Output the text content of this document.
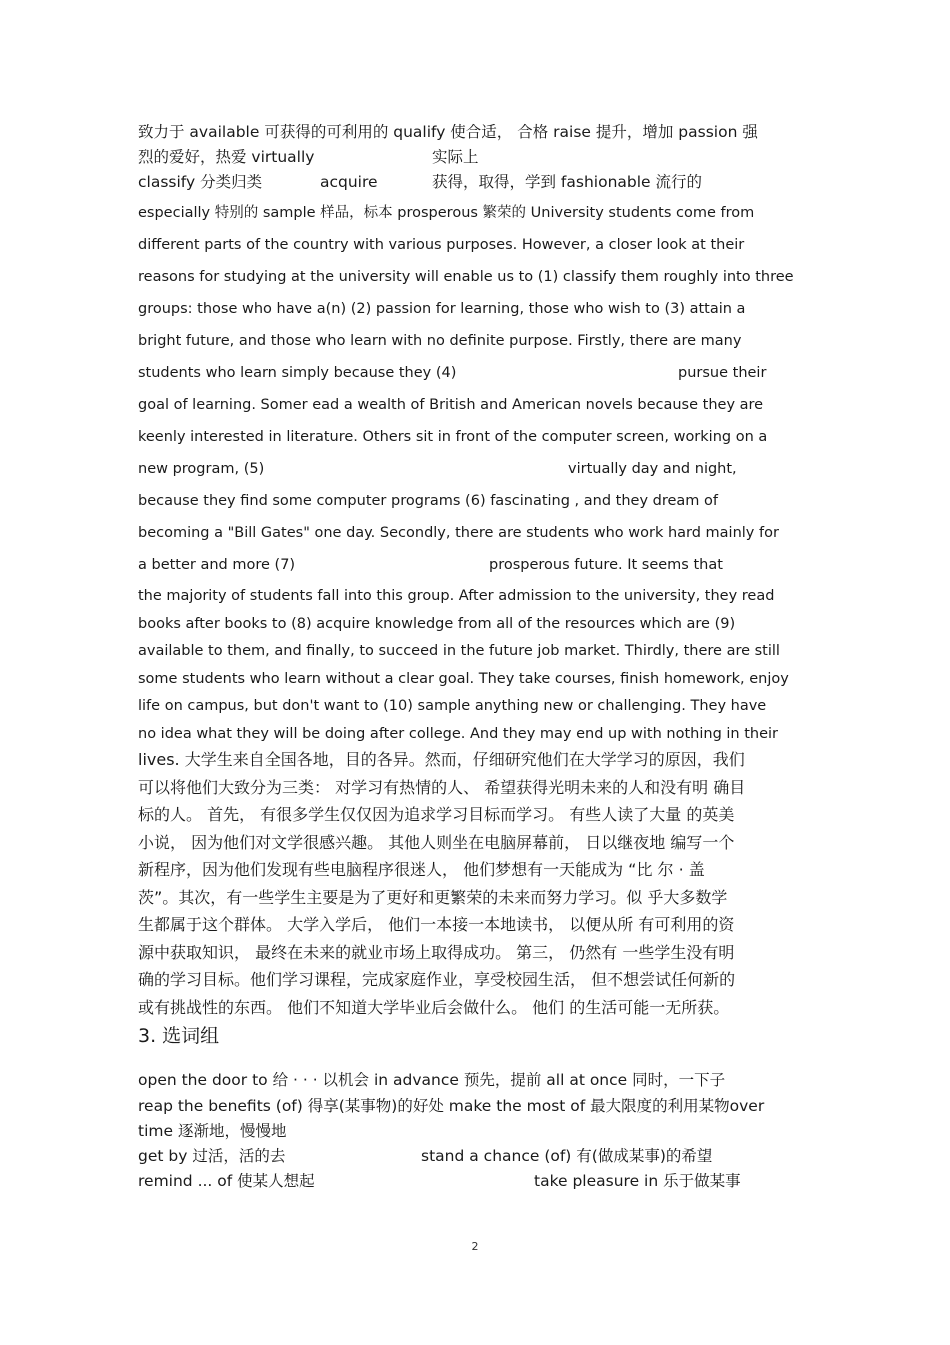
致力于 available 可获得的可利用的 qualify 使合适， 合格 raise 提升，增加 passion 强
烈的爱好，热爱 virtually	实际上
classify 分类归类	acquire	获得，取得，学到 fashionable 流行的
especially 特别的 sample 样品，标本 prosperous 繁荣的 University students come from
different parts of the country with various purposes. However, a closer look at their
reasons for studying at the university will enable us to (1) classify them roughly into three
groups: those who have a(n) (2) passion for learning, those who wish to (3) attain a
bright future, and those who learn with no definite purpose. Firstly, there are many
students who learn simply because they (4)	pursue their
goal of learning. Somer ead a wealth of British and American novels because they are
keenly interested in literature. Others sit in front of the computer screen, working on a
new program, (5)	virtually day and night,
because they find some computer programs (6) fascinating , and they dream of
becoming a "Bill Gates" one day. Secondly, there are students who work hard mainly for
a better and more (7)	prosperous future. It seems that
the majority of students fall into this group. After admission to the university, they read
books after books to (8) acquire knowledge from all of the resources which are (9)
available to them, and finally, to succeed in the future job market. Thirdly, there are still
some students who learn without a clear goal. They take courses, finish homework, enjoy
life on campus, but don't want to (10) sample anything new or challenging. They have
no idea what they will be doing after college. And they may end up with nothing in their
lives. 大学生来自全国各地，目的各异。然而，仔细研究他们在大学学习的原因，我们
可以将他们大致分为三类： 对学习有热情的人、 希望获得光明未来的人和没有明 确目
标的人。 首先， 有很多学生仅仅因为追求学习目标而学习。 有些人读了大量 的英美
小说， 因为他们对文学很感兴趣。 其他人则坐在电脑屏幕前， 日以继夜地 编写一个
新程序，因为他们发现有些电脑程序很迷人， 他们梦想有一天能成为 “比 尔 · 盖
茨”。其次，有一些学生主要是为了更好和更繁荣的未来而努力学习。似 乎大多数学
生都属于这个群体。 大学入学后， 他们一本接一本地读书， 以便从所 有可利用的资
源中获取知识， 最终在未来的就业市场上取得成功。 第三， 仍然有 一些学生没有明
确的学习目标。他们学习课程，完成家庭作业，享受校园生活， 但不想尝试任何新的
或有挑战性的东西。 他们不知道大学毕业后会做什么。 他们 的生活可能一无所获。
3. 选词组
open the door to 给 · · · 以机会 in advance 预先，提前 all at once 同时，一下子
reap the benefits (of) 得享(某事物)的好处 make the most of 最大限度的利用某物over
time 逐渐地，慢慢地
get by 过活，活的去	stand a chance (of) 有(做成某事)的希望
remind ... of 使某人想起	take pleasure in 乐于做某事
2
